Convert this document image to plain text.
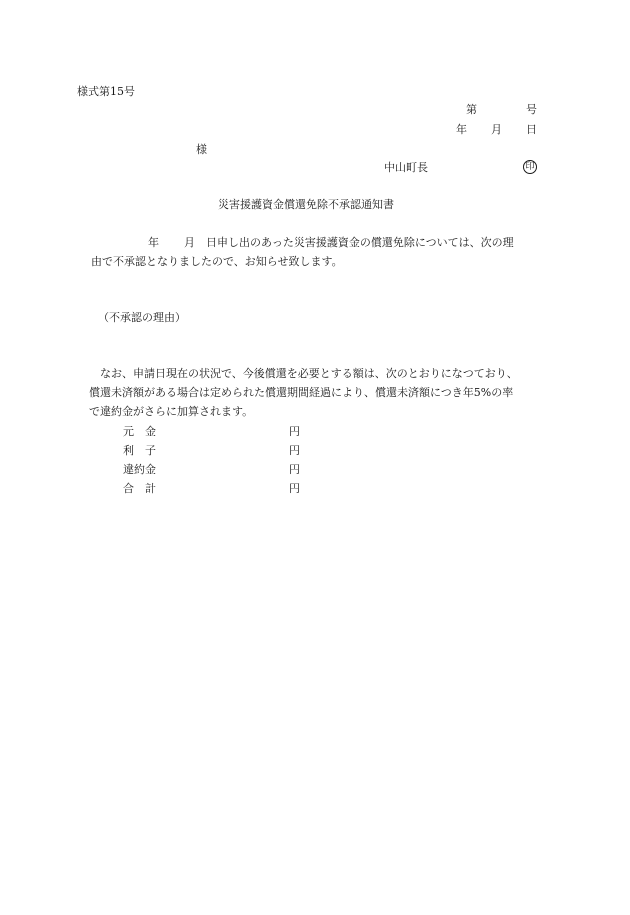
様式第15号
第	号
年 月 日
様
中山町長	印
災害援護資金償還免除不承認通知書
年 月 日申し出のあった災害援護資金の償還免除については、次の理
由で不承認となりましたので、お知らせ致します。
（不承認の理由）
なお、申請日現在の状況で、今後償還を必要とする額は、次のとおりになつており、
償還未済額がある場合は定められた償還期間経過により、償還未済額につき年5%の率
で違約金がさらに加算されます。
元　金	円
利　子	円
違約金	円
合　計	円
